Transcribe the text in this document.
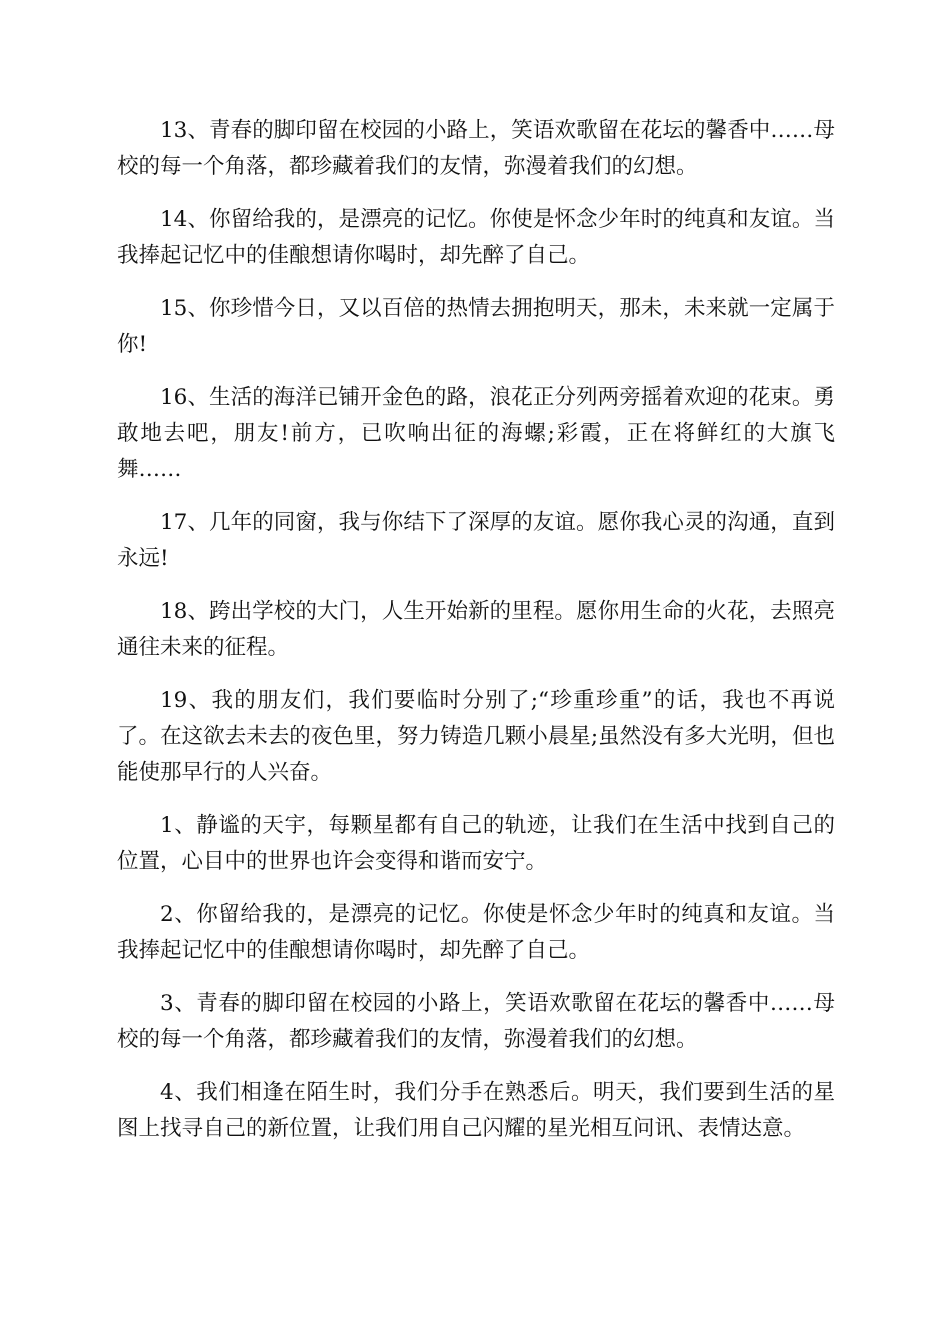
13、青春的脚印留在校园的小路上，笑语欢歌留在花坛的馨香中……母校的每一个角落，都珍藏着我们的友情，弥漫着我们的幻想。

14、你留给我的，是漂亮的记忆。你使是怀念少年时的纯真和友谊。当我捧起记忆中的佳酿想请你喝时，却先醉了自己。

15、你珍惜今日，又以百倍的热情去拥抱明天，那未，未来就一定属于你!

16、生活的海洋已铺开金色的路，浪花正分列两旁摇着欢迎的花束。勇敢地去吧，朋友!前方，已吹响出征的海螺;彩霞，正在将鲜红的大旗飞舞……

17、几年的同窗，我与你结下了深厚的友谊。愿你我心灵的沟通，直到永远!

18、跨出学校的大门，人生开始新的里程。愿你用生命的火花，去照亮通往未来的征程。

19、我的朋友们，我们要临时分别了;“珍重珍重”的话，我也不再说了。在这欲去未去的夜色里，努力铸造几颗小晨星;虽然没有多大光明，但也能使那早行的人兴奋。

1、静谧的天宇，每颗星都有自己的轨迹，让我们在生活中找到自己的位置，心目中的世界也许会变得和谐而安宁。

2、你留给我的，是漂亮的记忆。你使是怀念少年时的纯真和友谊。当我捧起记忆中的佳酿想请你喝时，却先醉了自己。

3、青春的脚印留在校园的小路上，笑语欢歌留在花坛的馨香中……母校的每一个角落，都珍藏着我们的友情，弥漫着我们的幻想。

4、我们相逢在陌生时，我们分手在熟悉后。明天，我们要到生活的星图上找寻自己的新位置，让我们用自己闪耀的星光相互问讯、表情达意。
